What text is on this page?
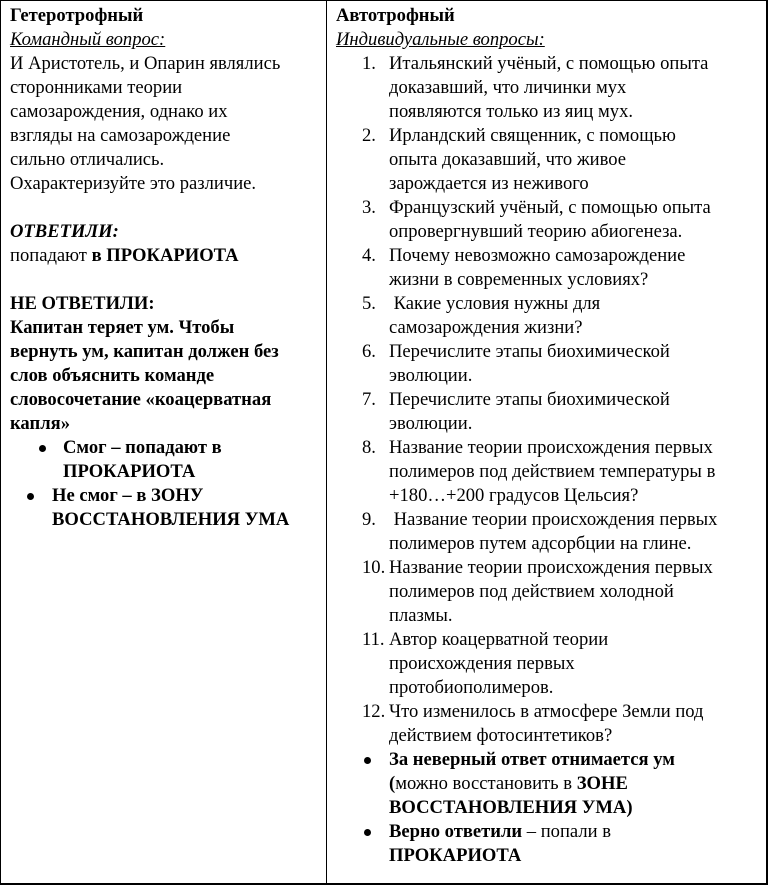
Гетеротрофный
Командный вопрос:
И Аристотель, и Опарин являлись
сторонниками теории
самозарождения, однако их
взгляды на самозарождение
сильно отличались.
Охарактеризуйте это различие.
ОТВЕТИЛИ:
попадают в ПРОКАРИОТА
НЕ ОТВЕТИЛИ:
Капитан теряет ум. Чтобы
вернуть ум, капитан должен без
слов объяснить команде
словосочетание «коацерватная
капля»
Смог – попадают в
ПРОКАРИОТА
Не смог – в ЗОНУ
ВОССТАНОВЛЕНИЯ УМА
Автотрофный
Индивидуальные вопросы:
1. Итальянский учёный, с помощью опыта
доказавший, что личинки мух
появляются только из яиц мух.
2. Ирландский священник, с помощью
опыта доказавший, что живое
зарождается из неживого
3. Французский учёный, с помощью опыта
опровергнувший теорию абиогенеза.
4. Почему невозможно самозарождение
жизни в современных условиях?
5. Какие условия нужны для
самозарождения жизни?
6. Перечислите этапы биохимической
эволюции.
7. Перечислите этапы биохимической
эволюции.
8. Название теории происхождения первых
полимеров под действием температуры в
+180…+200 градусов Цельсия?
9. Название теории происхождения первых
полимеров путем адсорбции на глине.
10. Название теории происхождения первых
полимеров под действием холодной
плазмы.
11. Автор коацерватной теории
происхождения первых
протобиополимеров.
12. Что изменилось в атмосфере Земли под
действием фотосинтетиков?
За неверный ответ отнимается ум
(можно восстановить в ЗОНЕ
ВОССТАНОВЛЕНИЯ УМА)
Верно ответили – попали в
ПРОКАРИОТА
